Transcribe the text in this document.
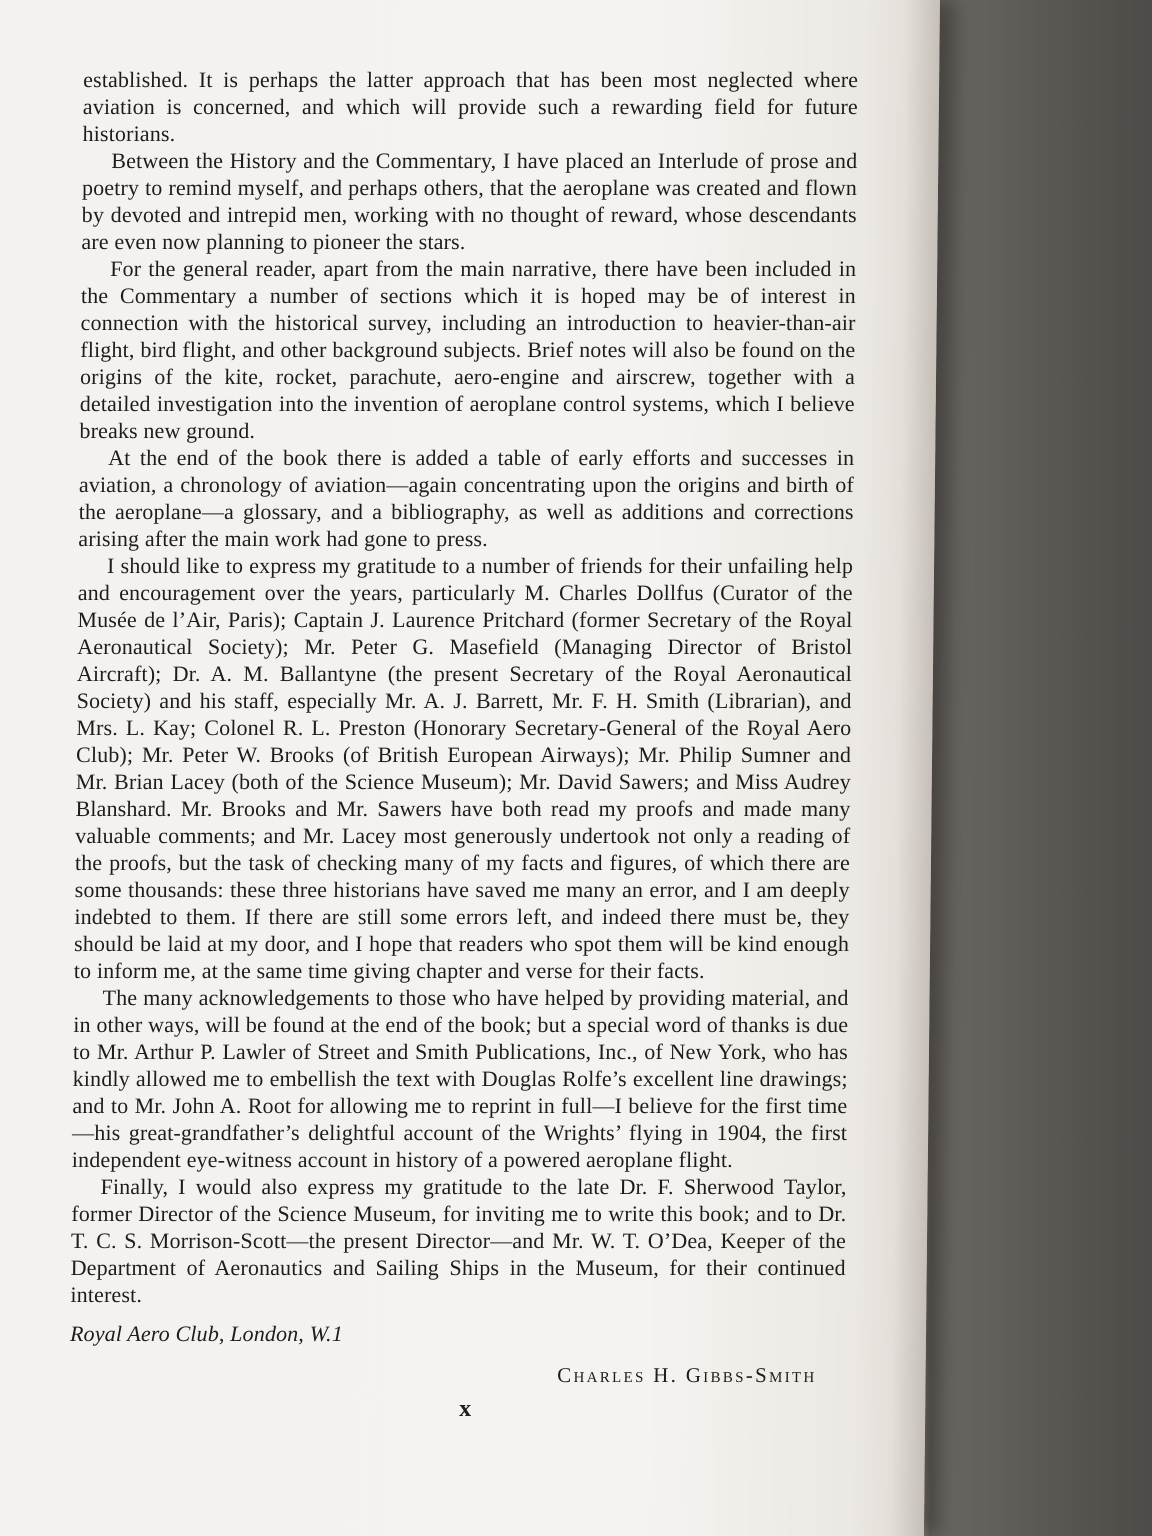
established. It is perhaps the latter approach that has been most neglected where aviation is concerned, and which will provide such a rewarding field for future historians.

Between the History and the Commentary, I have placed an Interlude of prose and poetry to remind myself, and perhaps others, that the aeroplane was created and flown by devoted and intrepid men, working with no thought of reward, whose descendants are even now planning to pioneer the stars.

For the general reader, apart from the main narrative, there have been included in the Commentary a number of sections which it is hoped may be of interest in connection with the historical survey, including an introduction to heavier-than-air flight, bird flight, and other background subjects. Brief notes will also be found on the origins of the kite, rocket, parachute, aero-engine and airscrew, together with a detailed investigation into the invention of aeroplane control systems, which I believe breaks new ground.

At the end of the book there is added a table of early efforts and successes in aviation, a chronology of aviation—again concentrating upon the origins and birth of the aeroplane—a glossary, and a bibliography, as well as additions and corrections arising after the main work had gone to press.

I should like to express my gratitude to a number of friends for their unfailing help and encouragement over the years, particularly M. Charles Dollfus (Curator of the Musée de l’Air, Paris); Captain J. Laurence Pritchard (former Secretary of the Royal Aeronautical Society); Mr. Peter G. Masefield (Managing Director of Bristol Aircraft); Dr. A. M. Ballantyne (the present Secretary of the Royal Aeronautical Society) and his staff, especially Mr. A. J. Barrett, Mr. F. H. Smith (Librarian), and Mrs. L. Kay; Colonel R. L. Preston (Honorary Secretary-General of the Royal Aero Club); Mr. Peter W. Brooks (of British European Airways); Mr. Philip Sumner and Mr. Brian Lacey (both of the Science Museum); Mr. David Sawers; and Miss Audrey Blanshard. Mr. Brooks and Mr. Sawers have both read my proofs and made many valuable comments; and Mr. Lacey most generously undertook not only a reading of the proofs, but the task of checking many of my facts and figures, of which there are some thousands: these three historians have saved me many an error, and I am deeply indebted to them. If there are still some errors left, and indeed there must be, they should be laid at my door, and I hope that readers who spot them will be kind enough to inform me, at the same time giving chapter and verse for their facts.

The many acknowledgements to those who have helped by providing material, and in other ways, will be found at the end of the book; but a special word of thanks is due to Mr. Arthur P. Lawler of Street and Smith Publications, Inc., of New York, who has kindly allowed me to embellish the text with Douglas Rolfe’s excellent line drawings; and to Mr. John A. Root for allowing me to reprint in full—I believe for the first time—his great-grandfather’s delightful account of the Wrights’ flying in 1904, the first independent eye-witness account in history of a powered aeroplane flight.

Finally, I would also express my gratitude to the late Dr. F. Sherwood Taylor, former Director of the Science Museum, for inviting me to write this book; and to Dr. T. C. S. Morrison-Scott—the present Director—and Mr. W. T. O’Dea, Keeper of the Department of Aeronautics and Sailing Ships in the Museum, for their continued interest.

Royal Aero Club, London, W.1
Charles H. Gibbs-Smith
x
